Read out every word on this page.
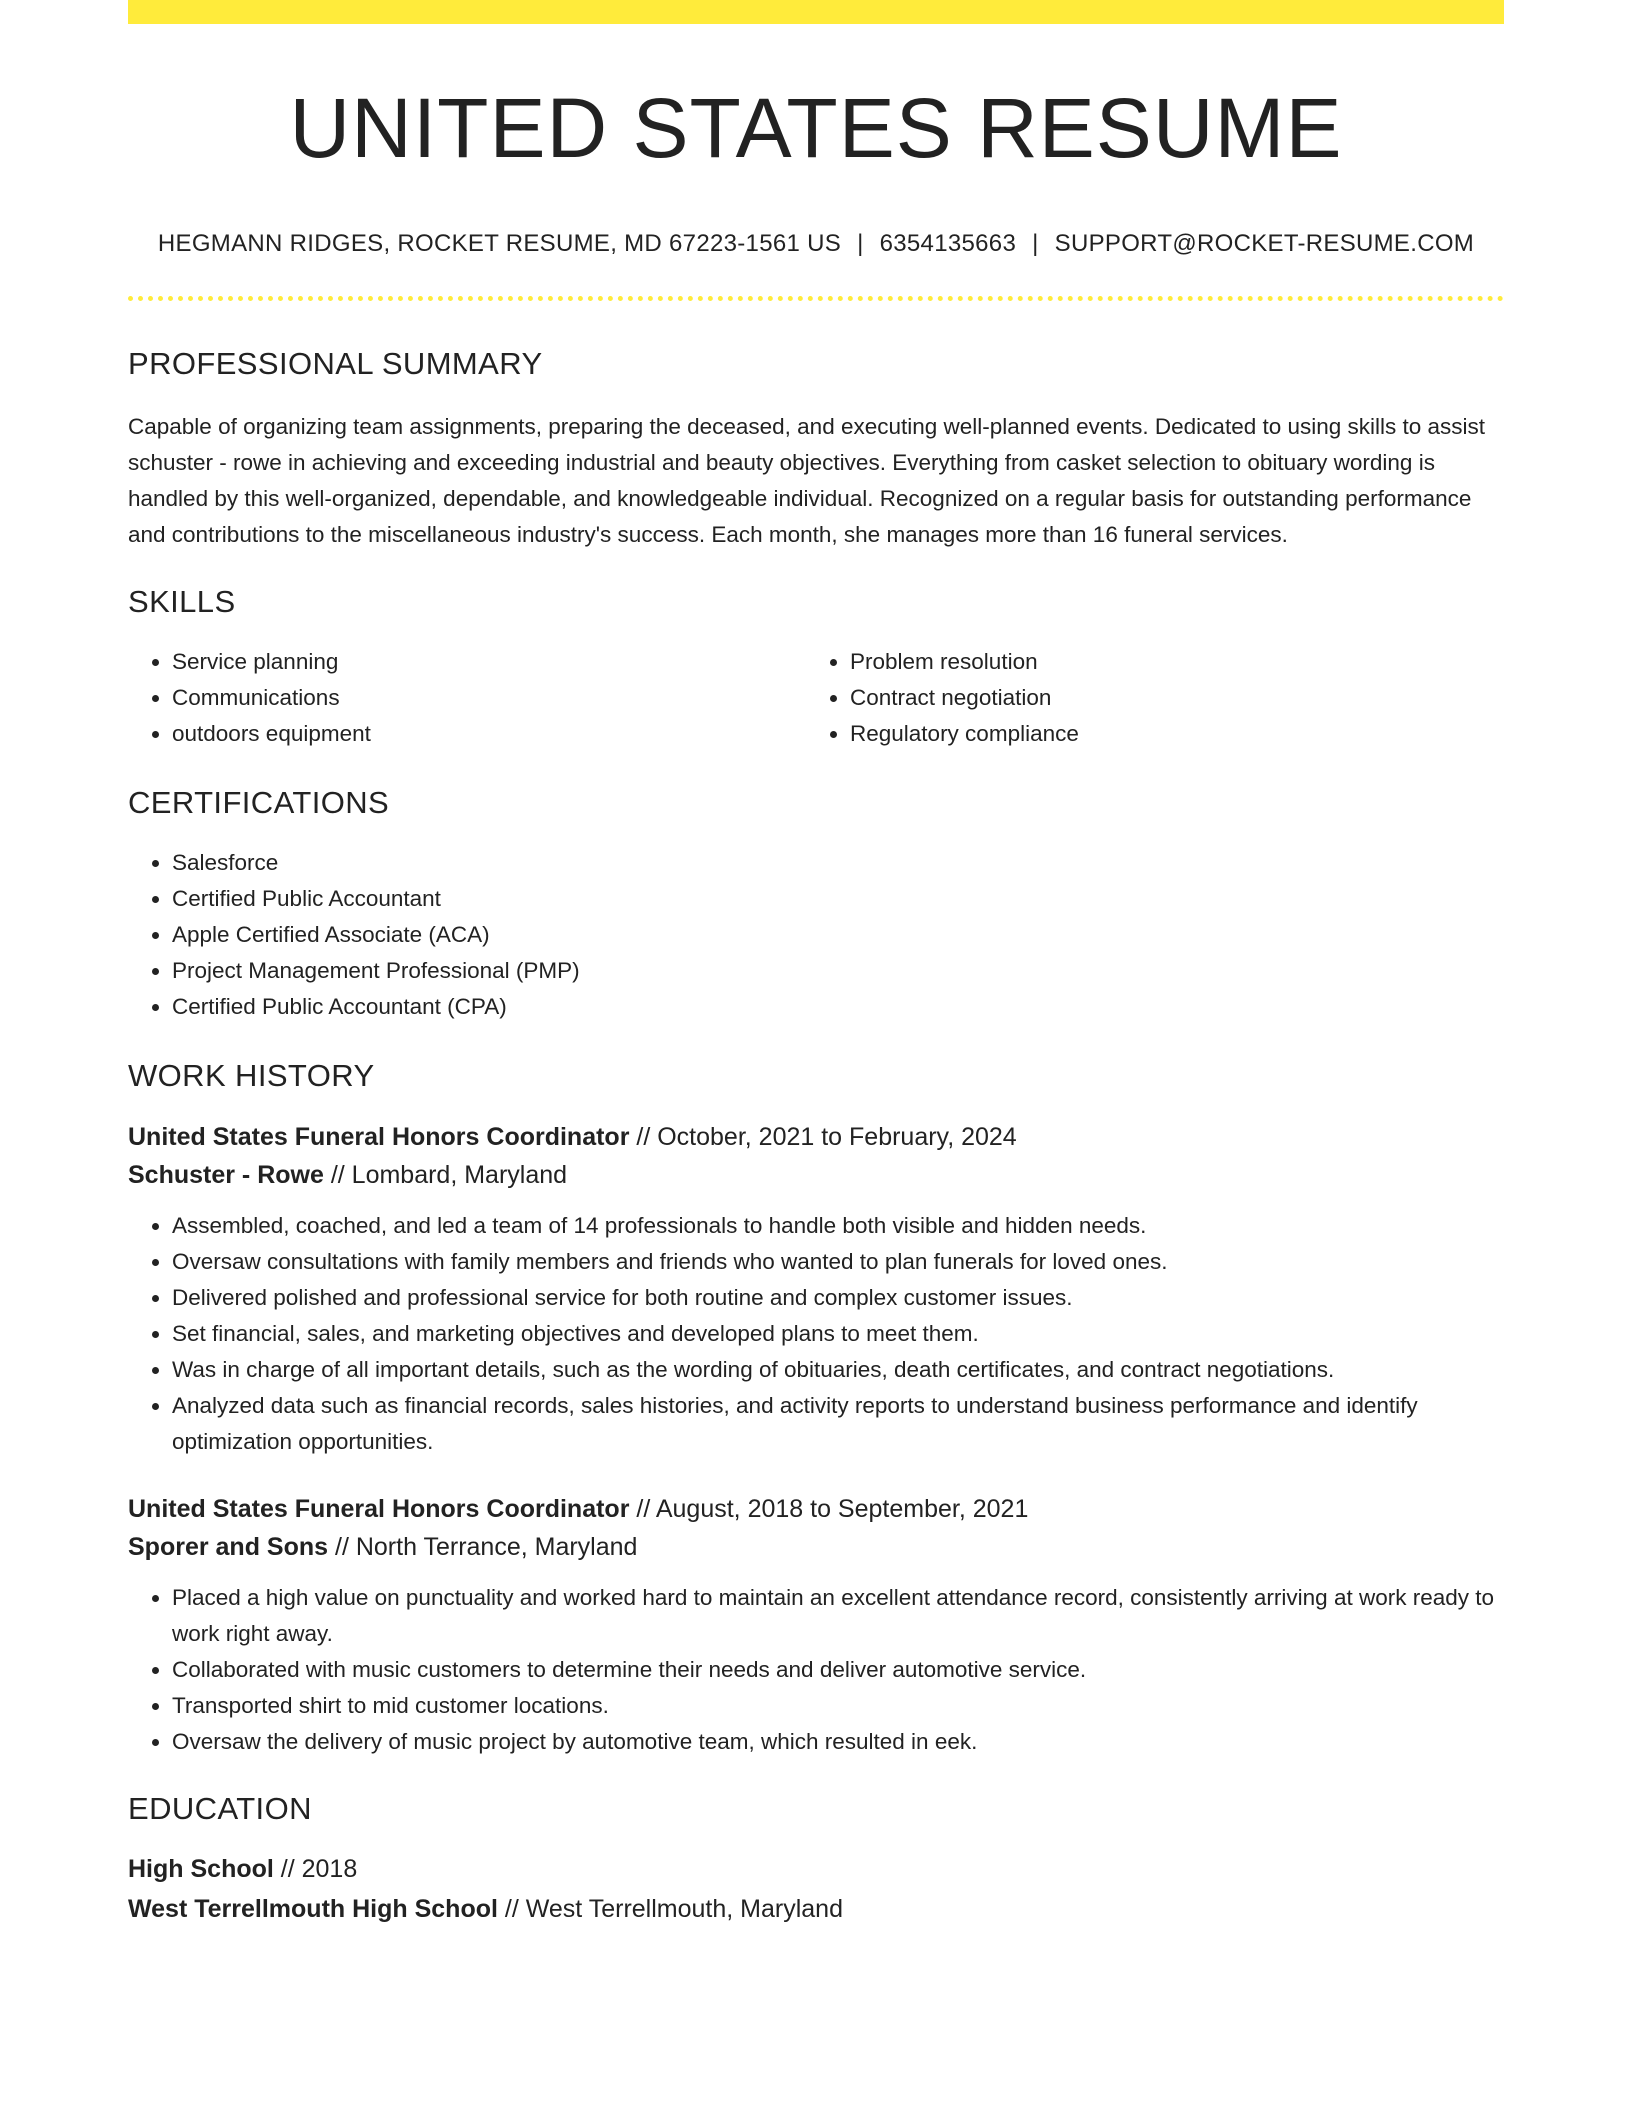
UNITED STATES RESUME
HEGMANN RIDGES, ROCKET RESUME, MD 67223-1561 US | 6354135663 | SUPPORT@ROCKET-RESUME.COM
PROFESSIONAL SUMMARY
Capable of organizing team assignments, preparing the deceased, and executing well-planned events. Dedicated to using skills to assist schuster - rowe in achieving and exceeding industrial and beauty objectives. Everything from casket selection to obituary wording is handled by this well-organized, dependable, and knowledgeable individual. Recognized on a regular basis for outstanding performance and contributions to the miscellaneous industry's success. Each month, she manages more than 16 funeral services.
SKILLS
• Service planning
• Communications
• outdoors equipment
• Problem resolution
• Contract negotiation
• Regulatory compliance
CERTIFICATIONS
• Salesforce
• Certified Public Accountant
• Apple Certified Associate (ACA)
• Project Management Professional (PMP)
• Certified Public Accountant (CPA)
WORK HISTORY
United States Funeral Honors Coordinator // October, 2021 to February, 2024
Schuster - Rowe // Lombard, Maryland
• Assembled, coached, and led a team of 14 professionals to handle both visible and hidden needs.
• Oversaw consultations with family members and friends who wanted to plan funerals for loved ones.
• Delivered polished and professional service for both routine and complex customer issues.
• Set financial, sales, and marketing objectives and developed plans to meet them.
• Was in charge of all important details, such as the wording of obituaries, death certificates, and contract negotiations.
• Analyzed data such as financial records, sales histories, and activity reports to understand business performance and identify optimization opportunities.
United States Funeral Honors Coordinator // August, 2018 to September, 2021
Sporer and Sons // North Terrance, Maryland
• Placed a high value on punctuality and worked hard to maintain an excellent attendance record, consistently arriving at work ready to work right away.
• Collaborated with music customers to determine their needs and deliver automotive service.
• Transported shirt to mid customer locations.
• Oversaw the delivery of music project by automotive team, which resulted in eek.
EDUCATION
High School // 2018
West Terrellmouth High School // West Terrellmouth, Maryland
